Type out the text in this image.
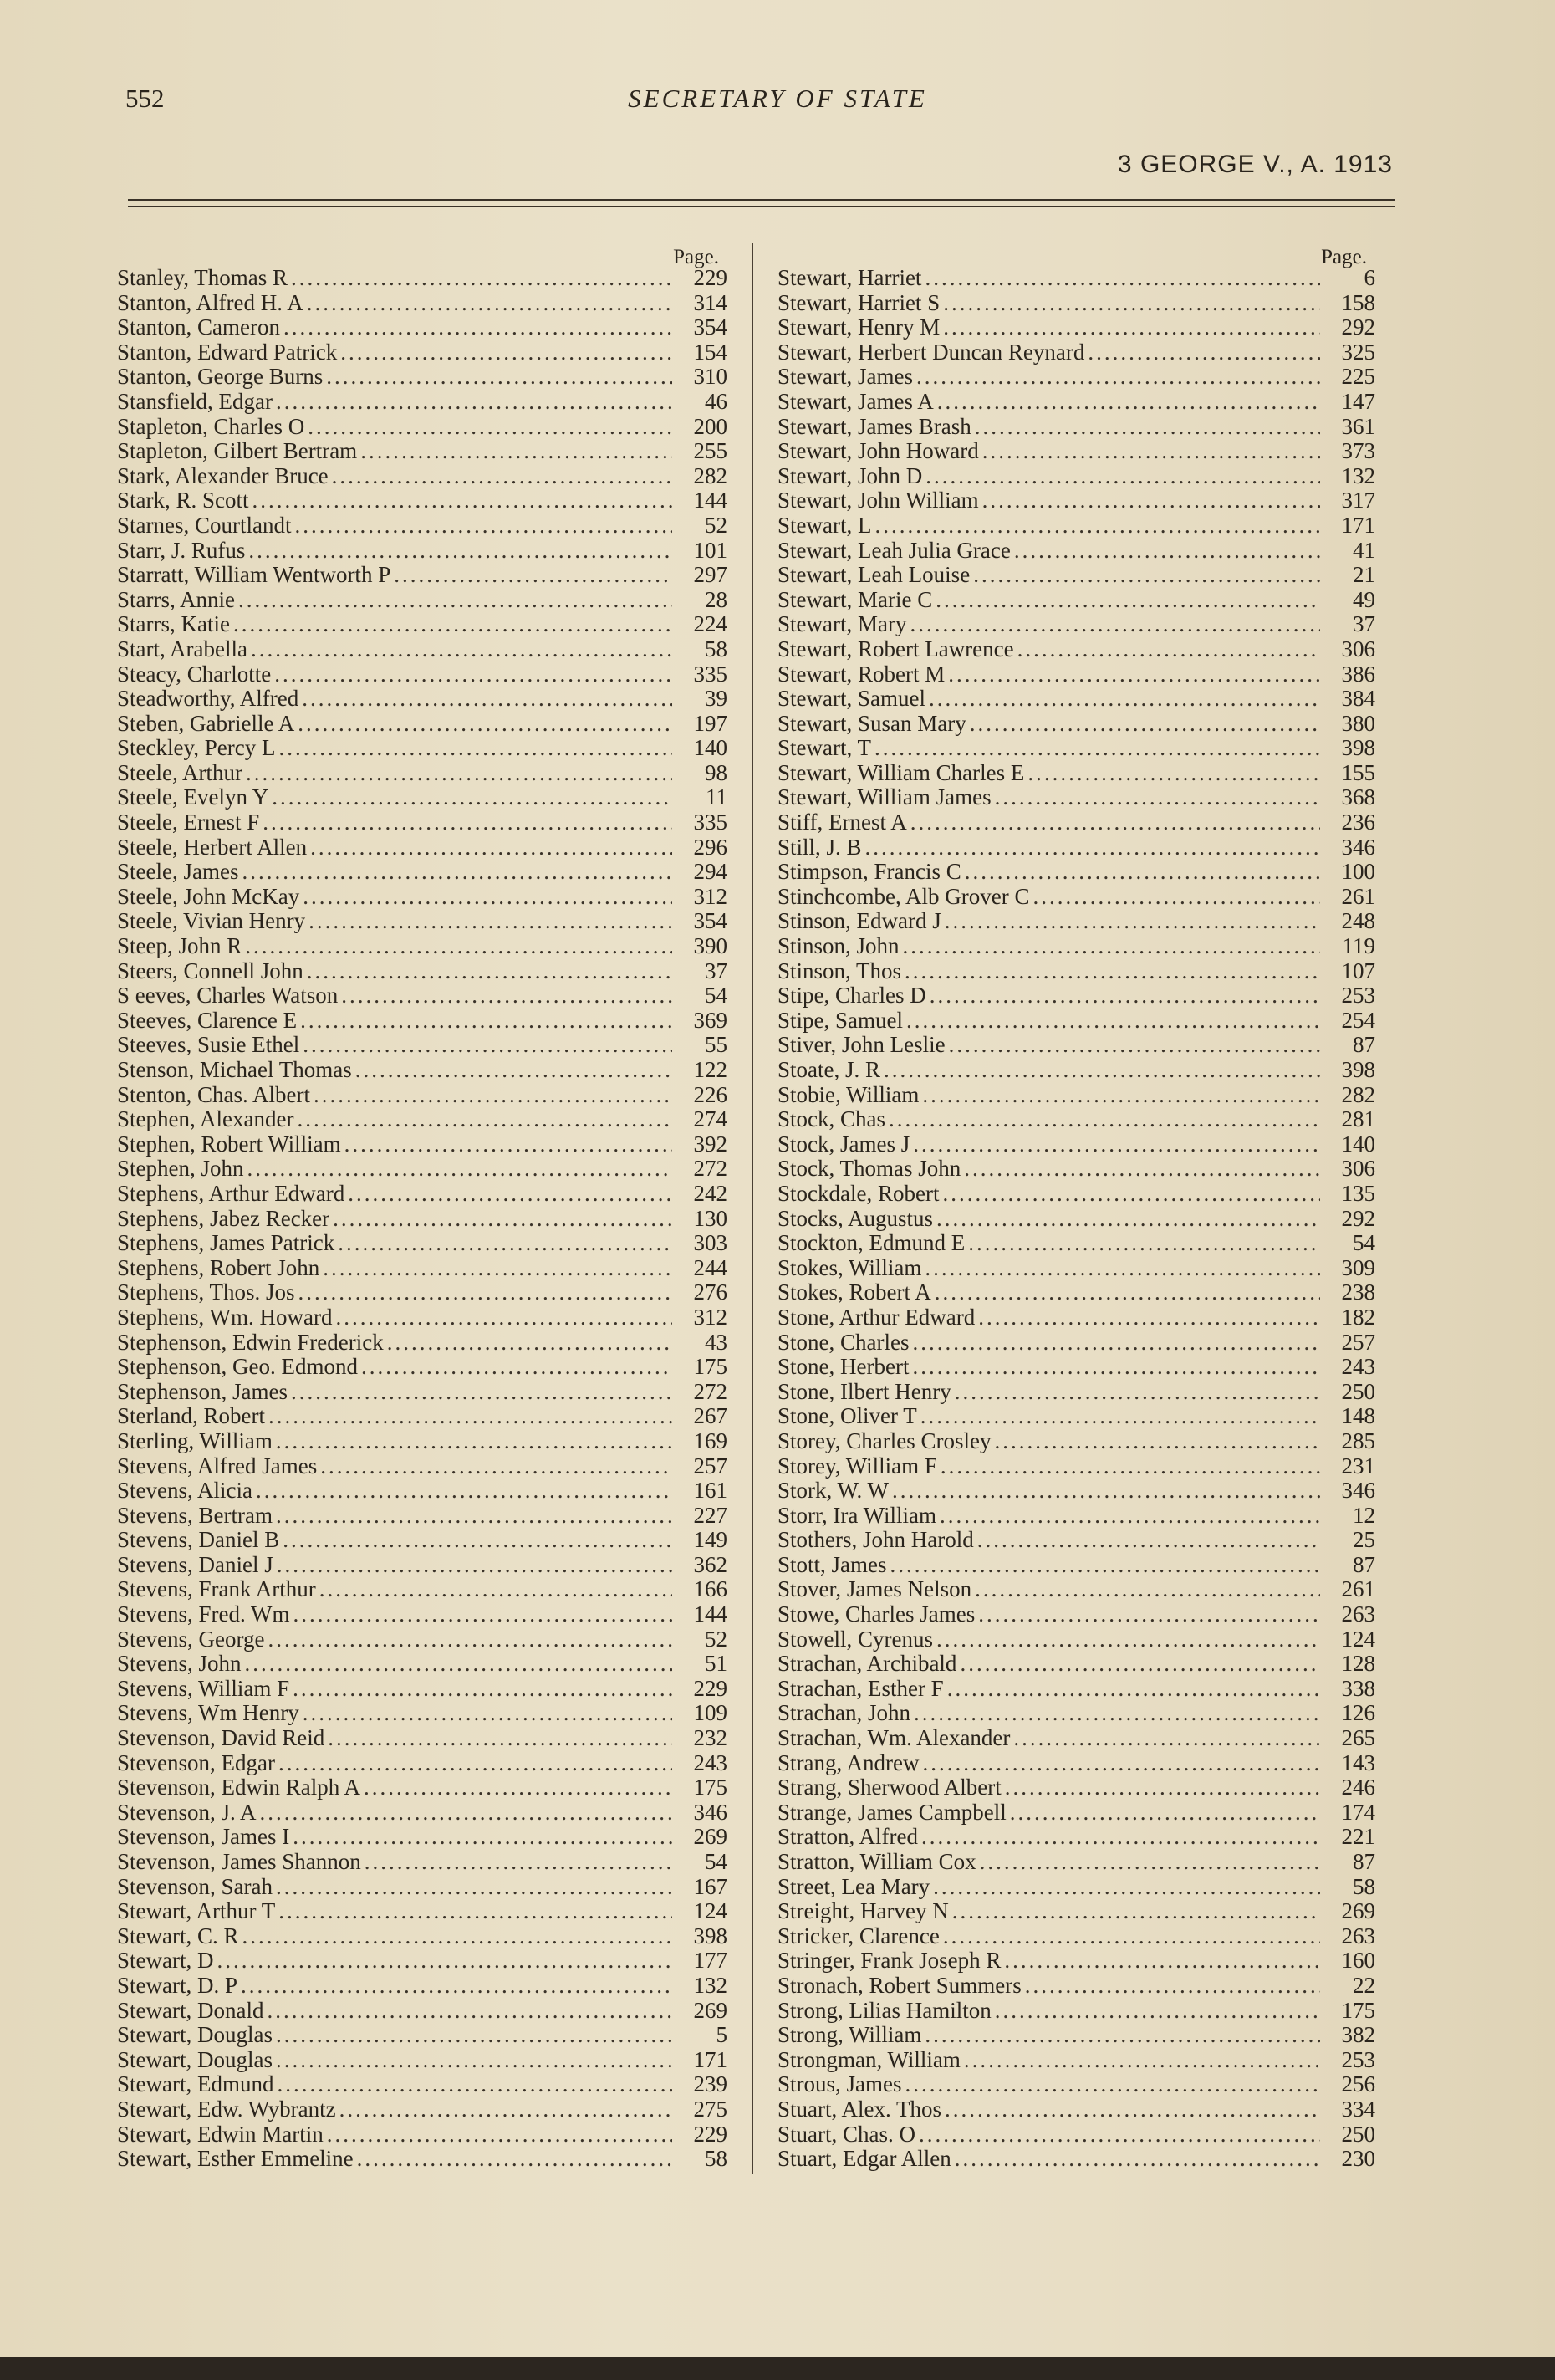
552	SECRETARY OF STATE
3 GEORGE V., A. 1913
Page.
Stanley, Thomas R .....	229
Stanton, Alfred H. A .....	314
Stanton, Cameron .....	354
Stanton, Edward Patrick .....	154
Stanton, George Burns .....	310
Stansfield, Edgar .....	46
Stapleton, Charles O .....	200
Stapleton, Gilbert Bertram .....	255
Stark, Alexander Bruce .....	282
Stark, R. Scott .....	144
Starnes, Courtlandt .....	52
Starr, J. Rufus .....	101
Starratt, William Wentworth P .....	297
Starrs, Annie .....	28
Starrs, Katie .....	224
Start, Arabella .....	58
Steacy, Charlotte .....	335
Steadworthy, Alfred .....	39
Steben, Gabrielle A .....	197
Steckley, Percy L .....	140
Steele, Arthur .....	98
Steele, Evelyn Y .....	11
Steele, Ernest F .....	335
Steele, Herbert Allen .....	296
Steele, James .....	294
Steele, John McKay .....	312
Steele, Vivian Henry .....	354
Steep, John R .....	390
Steers, Connell John .....	37
S eeves, Charles Watson .....	54
Steeves, Clarence E .....	369
Steeves, Susie Ethel .....	55
Stenson, Michael Thomas .....	122
Stenton, Chas. Albert .....	226
Stephen, Alexander .....	274
Stephen, Robert William .....	392
Stephen, John .....	272
Stephens, Arthur Edward .....	242
Stephens, Jabez Recker .....	130
Stephens, James Patrick .....	303
Stephens, Robert John .....	244
Stephens, Thos. Jos .....	276
Stephens, Wm. Howard .....	312
Stephenson, Edwin Frederick .....	43
Stephenson, Geo. Edmond .....	175
Stephenson, James .....	272
Sterland, Robert .....	267
Sterling, William .....	169
Stevens, Alfred James .....	257
Stevens, Alicia .....	161
Stevens, Bertram .....	227
Stevens, Daniel B .....	149
Stevens, Daniel J .....	362
Stevens, Frank Arthur .....	166
Stevens, Fred. Wm .....	144
Stevens, George .....	52
Stevens, John .....	51
Stevens, William F .....	229
Stevens, Wm Henry .....	109
Stevenson, David Reid .....	232
Stevenson, Edgar .....	243
Stevenson, Edwin Ralph A .....	175
Stevenson, J. A .....	346
Stevenson, James I .....	269
Stevenson, James Shannon .....	54
Stevenson, Sarah .....	167
Stewart, Arthur T .....	124
Stewart, C. R .....	398
Stewart, D .....	177
Stewart, D. P .....	132
Stewart, Donald .....	269
Stewart, Douglas .....	5
Stewart, Douglas .....	171
Stewart, Edmund .....	239
Stewart, Edw. Wybrantz .....	275
Stewart, Edwin Martin .....	229
Stewart, Esther Emmeline .....	58
Page.
Stewart, Harriet .....	6
Stewart, Harriet S .....	158
Stewart, Henry M .....	292
Stewart, Herbert Duncan Reynard .....	325
Stewart, James .....	225
Stewart, James A .....	147
Stewart, James Brash .....	361
Stewart, John Howard .....	373
Stewart, John D .....	132
Stewart, John William .....	317
Stewart, L .....	171
Stewart, Leah Julia Grace .....	41
Stewart, Leah Louise .....	21
Stewart, Marie C .....	49
Stewart, Mary .....	37
Stewart, Robert Lawrence .....	306
Stewart, Robert M .....	386
Stewart, Samuel .....	384
Stewart, Susan Mary .....	380
Stewart, T .....	398
Stewart, William Charles E .....	155
Stewart, William James .....	368
Stiff, Ernest A .....	236
Still, J. B .....	346
Stimpson, Francis C .....	100
Stinchcombe, Alb Grover C .....	261
Stinson, Edward J .....	248
Stinson, John .....	119
Stinson, Thos .....	107
Stipe, Charles D .....	253
Stipe, Samuel .....	254
Stiver, John Leslie .....	87
Stoate, J. R .....	398
Stobie, William .....	282
Stock, Chas .....	281
Stock, James J .....	140
Stock, Thomas John .....	306
Stockdale, Robert .....	135
Stocks, Augustus .....	292
Stockton, Edmund E .....	54
Stokes, William .....	309
Stokes, Robert A .....	238
Stone, Arthur Edward .....	182
Stone, Charles .....	257
Stone, Herbert .....	243
Stone, Ilbert Henry .....	250
Stone, Oliver T .....	148
Storey, Charles Crosley .....	285
Storey, William F .....	231
Stork, W. W .....	346
Storr, Ira William .....	12
Stothers, John Harold .....	25
Stott, James .....	87
Stover, James Nelson .....	261
Stowe, Charles James .....	263
Stowell, Cyrenus .....	124
Strachan, Archibald .....	128
Strachan, Esther F .....	338
Strachan, John .....	126
Strachan, Wm. Alexander .....	265
Strang, Andrew .....	143
Strang, Sherwood Albert .....	246
Strange, James Campbell .....	174
Stratton, Alfred .....	221
Stratton, William Cox .....	87
Street, Lea Mary .....	58
Streight, Harvey N .....	269
Stricker, Clarence .....	263
Stringer, Frank Joseph R .....	160
Stronach, Robert Summers .....	22
Strong, Lilias Hamilton .....	175
Strong, William .....	382
Strongman, William .....	253
Strous, James .....	256
Stuart, Alex. Thos .....	334
Stuart, Chas. O .....	250
Stuart, Edgar Allen .....	230
